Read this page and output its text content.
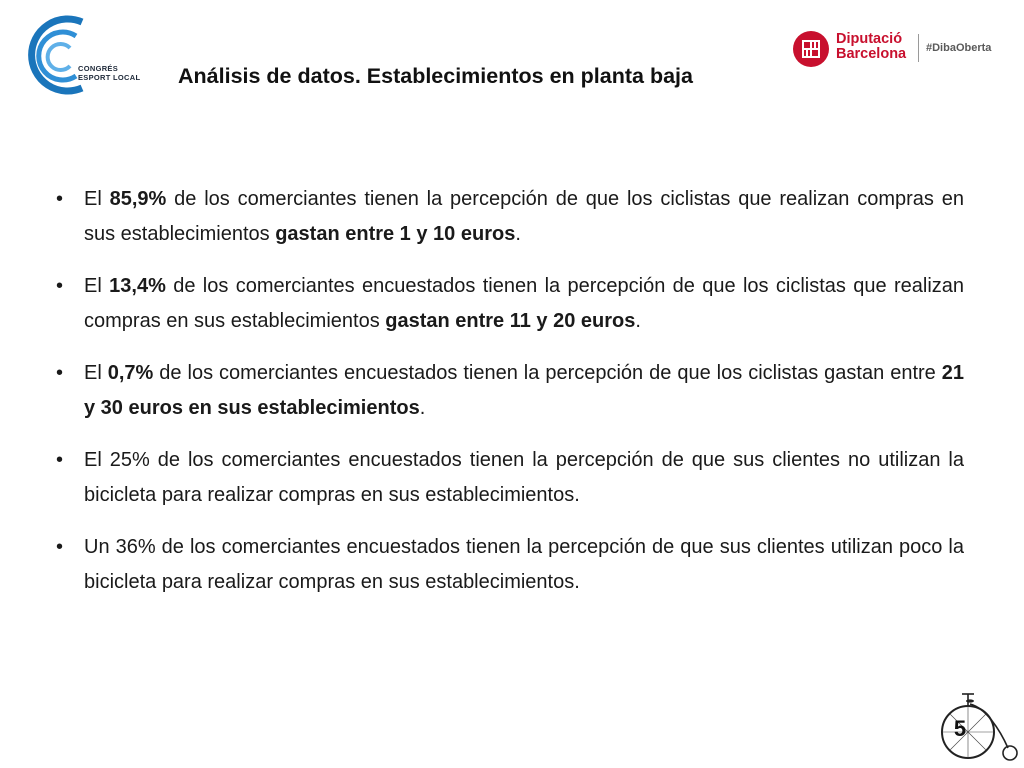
CONGRÉS
ESPORT LOCAL Análisis de datos. Establecimientos en planta baja
Diputació
Barcelona #DibaOberta
•	El 85,9% de los comerciantes tienen la percepción de que los ciclistas que realizan compras en sus establecimientos gastan entre 1 y 10 euros.
•	El 13,4% de los comerciantes encuestados tienen la percepción de que los ciclistas que realizan compras en sus establecimientos gastan entre 11 y 20 euros.
•	El 0,7% de los comerciantes encuestados tienen la percepción de que los ciclistas gastan entre 21 y 30 euros en sus establecimientos.
•	El 25% de los comerciantes encuestados tienen la percepción de que sus clientes no utilizan la bicicleta para realizar compras en sus establecimientos.
•	Un 36% de los comerciantes encuestados tienen la percepción de que sus clientes utilizan poco la bicicleta para realizar compras en sus establecimientos.
5
